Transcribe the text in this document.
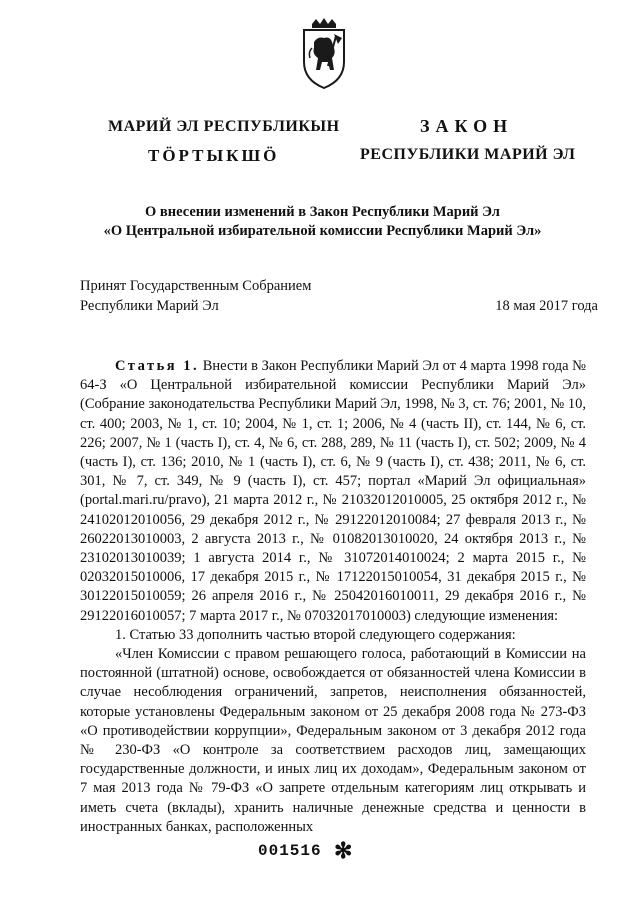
МАРИЙ ЭЛ РЕСПУБЛИКЫН
ТӦРТЫКШӦ
ЗАКОН
РЕСПУБЛИКИ МАРИЙ ЭЛ
О внесении изменений в Закон Республики Марий Эл
«О Центральной избирательной комиссии Республики Марий Эл»
Принят Государственным Собранием
Республики Марий Эл	18 мая 2017 года

Статья 1. Внести в Закон Республики Марий Эл от 4 марта 1998 года № 64-З «О Центральной избирательной комиссии Республики Марий Эл» (Собрание законодательства Республики Марий Эл, 1998, № 3, ст. 76; 2001, № 10, ст. 400; 2003, № 1, ст. 10; 2004, № 1, ст. 1; 2006, № 4 (часть II), ст. 144, № 6, ст. 226; 2007, № 1 (часть I), ст. 4, № 6, ст. 288, 289, № 11 (часть I), ст. 502; 2009, № 4 (часть I), ст. 136; 2010, № 1 (часть I), ст. 6, № 9 (часть I), ст. 438; 2011, № 6, ст. 301, № 7, ст. 349, № 9 (часть I), ст. 457; портал «Марий Эл официальная» (portal.mari.ru/pravo), 21 марта 2012 г., № 21032012010005, 25 октября 2012 г., № 24102012010056, 29 декабря 2012 г., № 29122012010084; 27 февраля 2013 г., № 26022013010003, 2 августа 2013 г., № 01082013010020, 24 октября 2013 г., № 23102013010039; 1 августа 2014 г., № 31072014010024; 2 марта 2015 г., № 02032015010006, 17 декабря 2015 г., № 17122015010054, 31 декабря 2015 г., № 30122015010059; 26 апреля 2016 г., № 25042016010011, 29 декабря 2016 г., № 29122016010057; 7 марта 2017 г., № 07032017010003) следующие изменения:

1. Статью 33 дополнить частью второй следующего содержания:

«Член Комиссии с правом решающего голоса, работающий в Комиссии на постоянной (штатной) основе, освобождается от обязанностей члена Комиссии в случае несоблюдения ограничений, запретов, неисполнения обязанностей, которые установлены Федеральным законом от 25 декабря 2008 года № 273-ФЗ «О противодействии коррупции», Федеральным законом от 3 декабря 2012 года № 230-ФЗ «О контроле за соответствием расходов лиц, замещающих государственные должности, и иных лиц их доходам», Федеральным законом от 7 мая 2013 года № 79-ФЗ «О запрете отдельным категориям лиц открывать и иметь счета (вклады), хранить наличные денежные средства и ценности в иностранных банках, расположенных

001516 ✻
